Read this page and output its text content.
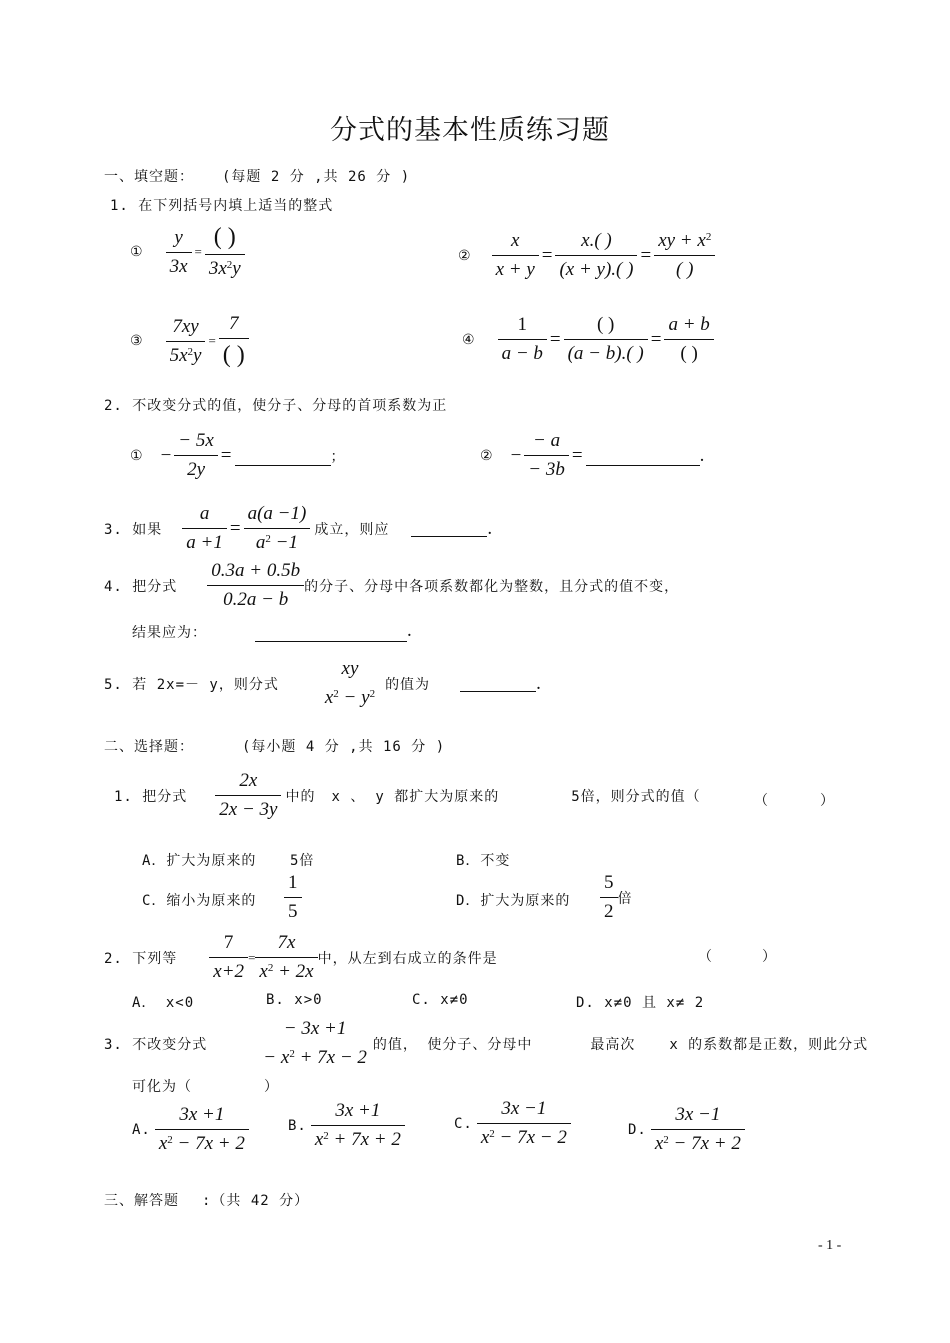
分式的基本性质练习题
一、填空题： (每题 2 分 ,共 26 分 )
1. 在下列括号内填上适当的整式
① $\frac{y}{3x} = \frac{( )}{3x^2y}$	② $\frac{x}{x + y} = \frac{x.( )}{(x + y).( )} = \frac{xy + x^2}{( )}$
③ $\frac{7xy}{5x^2y} = \frac{7}{( )}$	④ $\frac{1}{a - b} = \frac{( )}{(a - b).( )} = \frac{a + b}{( )}$
2. 不改变分式的值，使分子、分母的首项系数为正
① − $\frac{- 5x}{2y}$ =	；	② − $\frac{- a}{- 3b}$ =	.
3. 如果 $\frac{a}{a +1} = \frac{a(a -1)}{a^2 -1}$ 成立，则应	.
4. 把分式 $\frac{0.3a + 0.5b}{0.2a - b}$ 的分子、分母中各项系数都化为整数，且分式的值不变，
结果应为：	.
5. 若 2x=－ y，则分式
xy
$x^2 - y^2$
的值为	.
二、选择题：	(每小题 4 分 ,共 16 分 )
1. 把分式 $\frac{2x}{2x - 3y}$ 中的 x 、 y 都扩大为原来的	5倍，则分式的值（	（	）
A．扩大为原来的 5倍	B．不变
C．缩小为原来的 $\frac{1}{5}$	D．扩大为原来的 $\frac{5}{2}$ 倍
2. 下列等 $\frac{7}{x+2} = \frac{7x}{x^2 + 2x}$ 中，从左到右成立的条件是	（	）
A． x<0	B. x>0	C. x≠0	D. x≠0 且 x≠ 2
3. 不改变分式
− 3x +1
− $x^2 + 7x - 2$
的值， 使分子、分母中	最高次 x 的系数都是正数，则此分式
可化为（	）
A. $\frac{3x +1}{x^2 - 7x + 2}$	B. $\frac{3x +1}{x^2 + 7x + 2}$	C. $\frac{3x -1}{x^2 - 7x - 2}$	D. $\frac{3x -1}{x^2 - 7x + 2}$
三、解答题 :（共 42 分）
- 1 -
